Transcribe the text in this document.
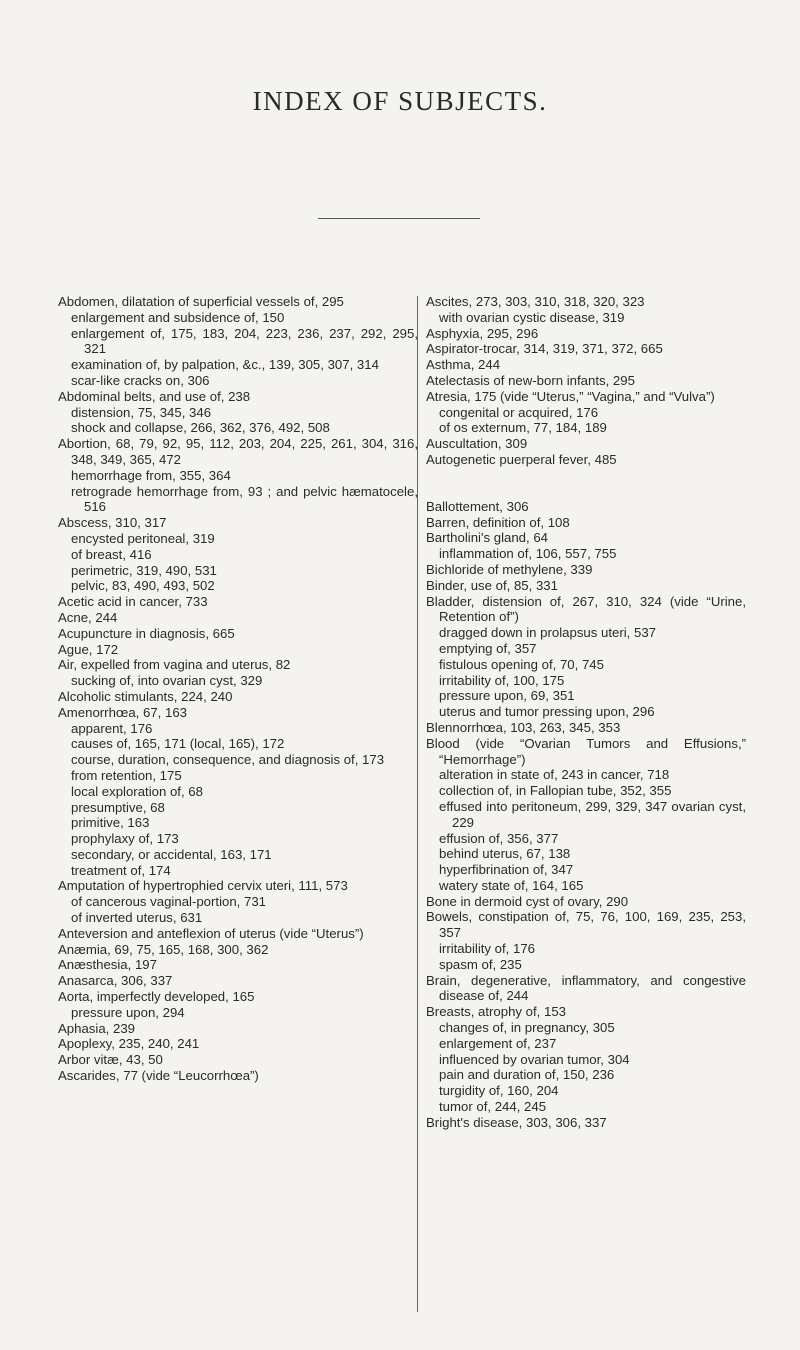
INDEX OF SUBJECTS.
Abdomen, dilatation of superficial vessels of, 295
enlargement and subsidence of, 150
enlargement of, 175, 183, 204, 223, 236, 237, 292, 295, 321
examination of, by palpation, &c., 139, 305, 307, 314
scar-like cracks on, 306
Abdominal belts, and use of, 238
distension, 75, 345, 346
shock and collapse, 266, 362, 376, 492, 508
Abortion, 68, 79, 92, 95, 112, 203, 204, 225, 261, 304, 316, 348, 349, 365, 472
hemorrhage from, 355, 364
retrograde hemorrhage from, 93 ; and pelvic hæmatocele, 516
Abscess, 310, 317
encysted peritoneal, 319
of breast, 416
perimetric, 319, 490, 531
pelvic, 83, 490, 493, 502
Acetic acid in cancer, 733
Acne, 244
Acupuncture in diagnosis, 665
Ague, 172
Air, expelled from vagina and uterus, 82
sucking of, into ovarian cyst, 329
Alcoholic stimulants, 224, 240
Amenorrhœa, 67, 163
apparent, 176
causes of, 165, 171 (local, 165), 172
course, duration, consequence, and diagnosis of, 173
from retention, 175
local exploration of, 68
presumptive, 68
primitive, 163
prophylaxy of, 173
secondary, or accidental, 163, 171
treatment of, 174
Amputation of hypertrophied cervix uteri, 111, 573
of cancerous vaginal-portion, 731
of inverted uterus, 631
Anteversion and anteflexion of uterus (vide “Uterus”)
Anæmia, 69, 75, 165, 168, 300, 362
Anæsthesia, 197
Anasarca, 306, 337
Aorta, imperfectly developed, 165
pressure upon, 294
Aphasia, 239
Apoplexy, 235, 240, 241
Arbor vitæ, 43, 50
Ascarides, 77 (vide “Leucorrhœa”)
Ascites, 273, 303, 310, 318, 320, 323
with ovarian cystic disease, 319
Asphyxia, 295, 296
Aspirator-trocar, 314, 319, 371, 372, 665
Asthma, 244
Atelectasis of new-born infants, 295
Atresia, 175 (vide “Uterus,” “Vagina,” and “Vulva”)
congenital or acquired, 176
of os externum, 77, 184, 189
Auscultation, 309
Autogenetic puerperal fever, 485
Ballottement, 306
Barren, definition of, 108
Bartholini's gland, 64
inflammation of, 106, 557, 755
Bichloride of methylene, 339
Binder, use of, 85, 331
Bladder, distension of, 267, 310, 324 (vide “Urine, Retention of”)
dragged down in prolapsus uteri, 537
emptying of, 357
fistulous opening of, 70, 745
irritability of, 100, 175
pressure upon, 69, 351
uterus and tumor pressing upon, 296
Blennorrhœa, 103, 263, 345, 353
Blood (vide “Ovarian Tumors and Effusions,” “Hemorrhage”)
alteration in state of, 243 in cancer, 718
collection of, in Fallopian tube, 352, 355
effused into peritoneum, 299, 329, 347 ovarian cyst, 229
effusion of, 356, 377
behind uterus, 67, 138
hyperfibrination of, 347
watery state of, 164, 165
Bone in dermoid cyst of ovary, 290
Bowels, constipation of, 75, 76, 100, 169, 235, 253, 357
irritability of, 176
spasm of, 235
Brain, degenerative, inflammatory, and congestive disease of, 244
Breasts, atrophy of, 153
changes of, in pregnancy, 305
enlargement of, 237
influenced by ovarian tumor, 304
pain and duration of, 150, 236
turgidity of, 160, 204
tumor of, 244, 245
Bright's disease, 303, 306, 337
